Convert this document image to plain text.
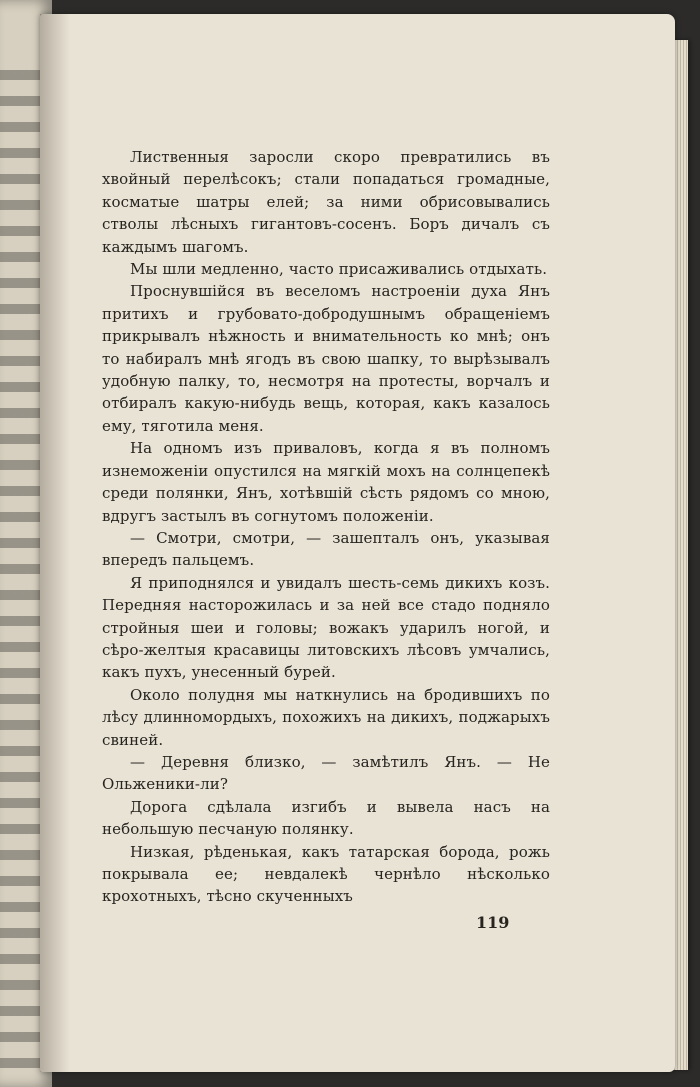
Лиственныя заросли скоро превратились въ хвойный перелѣсокъ; стали попадаться громадные, косматые шатры елей; за ними обрисовывались стволы лѣсныхъ гигантовъ-сосенъ. Боръ дичалъ съ каждымъ шагомъ.

Мы шли медленно, часто присаживались отдыхать.

Проснувшійся въ веселомъ настроеніи духа Янъ притихъ и грубовато-добродушнымъ обращеніемъ прикрывалъ нѣжность и внимательность ко мнѣ; онъ то набиралъ мнѣ ягодъ въ свою шапку, то вырѣзывалъ удобную палку, то, несмотря на протесты, ворчалъ и отбиралъ какую-нибудь вещь, которая, какъ казалось ему, тяготила меня.

На одномъ изъ приваловъ, когда я въ полномъ изнеможеніи опустился на мягкій мохъ на солнцепекѣ среди полянки, Янъ, хотѣвшій сѣсть рядомъ со мною, вдругъ застылъ въ согнутомъ положеніи.

— Смотри, смотри, — зашепталъ онъ, указывая впередъ пальцемъ.

Я приподнялся и увидалъ шесть-семь дикихъ козъ. Передняя насторожилась и за ней все стадо подняло стройныя шеи и головы; вожакъ ударилъ ногой, и сѣро-желтыя красавицы литовскихъ лѣсовъ умчались, какъ пухъ, унесенный бурей.

Около полудня мы наткнулись на бродившихъ по лѣсу длинномордыхъ, похожихъ на дикихъ, поджарыхъ свиней.

— Деревня близко, — замѣтилъ Янъ. — Не Ольженики-ли?

Дорога сдѣлала изгибъ и вывела насъ на небольшую песчаную полянку.

Низкая, рѣденькая, какъ татарская борода, рожь покрывала ее; невдалекѣ чернѣло нѣсколько крохотныхъ, тѣсно скученныхъ

119
